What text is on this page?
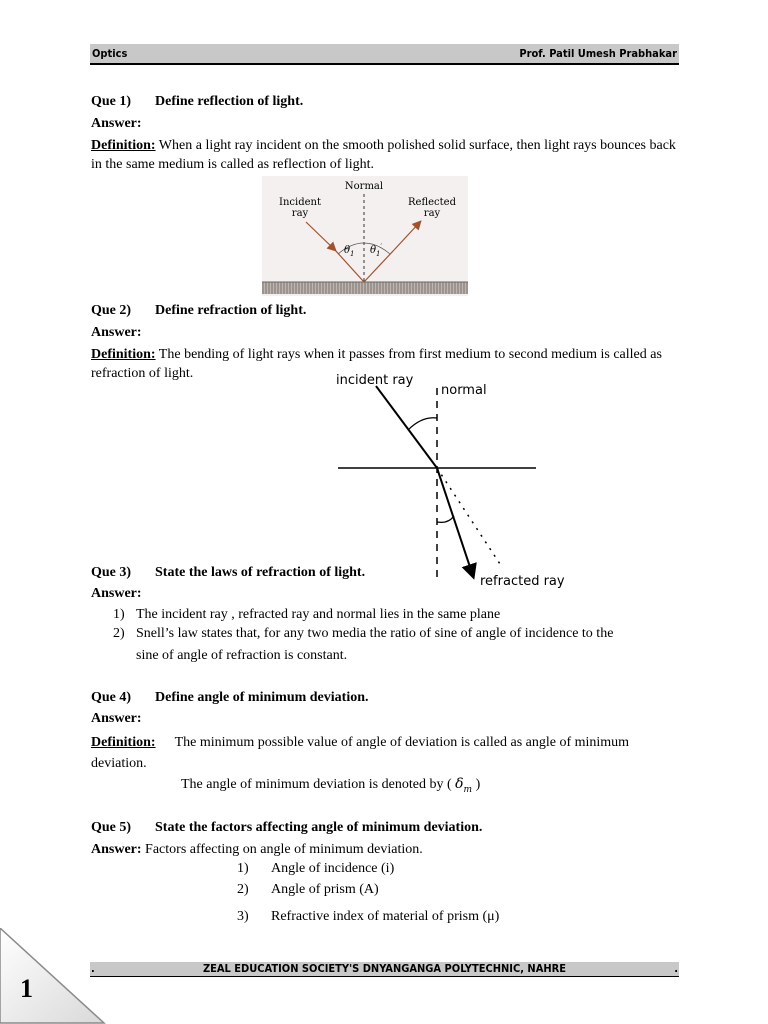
Optics	Prof. Patil Umesh Prabhakar
Que 1) Define reflection of light.
Answer:
Definition: When a light ray incident on the smooth polished solid surface, then light rays bounces back in the same medium is called as reflection of light.
Normal
Incident
ray
Reflected
ray
$\theta_1$ $\theta_1'$
Que 2) Define refraction of light.
Answer:
Definition: The bending of light rays when it passes from first medium to second medium is called as refraction of light.	incident ray
normal
refracted ray
Que 3) State the laws of refraction of light.
Answer:
1) The incident ray , refracted ray and normal lies in the same plane
2) Snell’s law states that, for any two media the ratio of sine of angle of incidence to the
sine of angle of refraction is constant.
Que 4) Define angle of minimum deviation.
Answer:
Definition: The minimum possible value of angle of deviation is called as angle of minimum deviation.
The angle of minimum deviation is denoted by ( $\delta_m$ )
Que 5) State the factors affecting angle of minimum deviation.
Answer: Factors affecting on angle of minimum deviation.
1) Angle of incidence (i)
2) Angle of prism (A)
3) Refractive index of material of prism (μ)
.	ZEAL EDUCATION SOCIETY'S DNYANGANGA POLYTECHNIC, NAHRE	.
1
